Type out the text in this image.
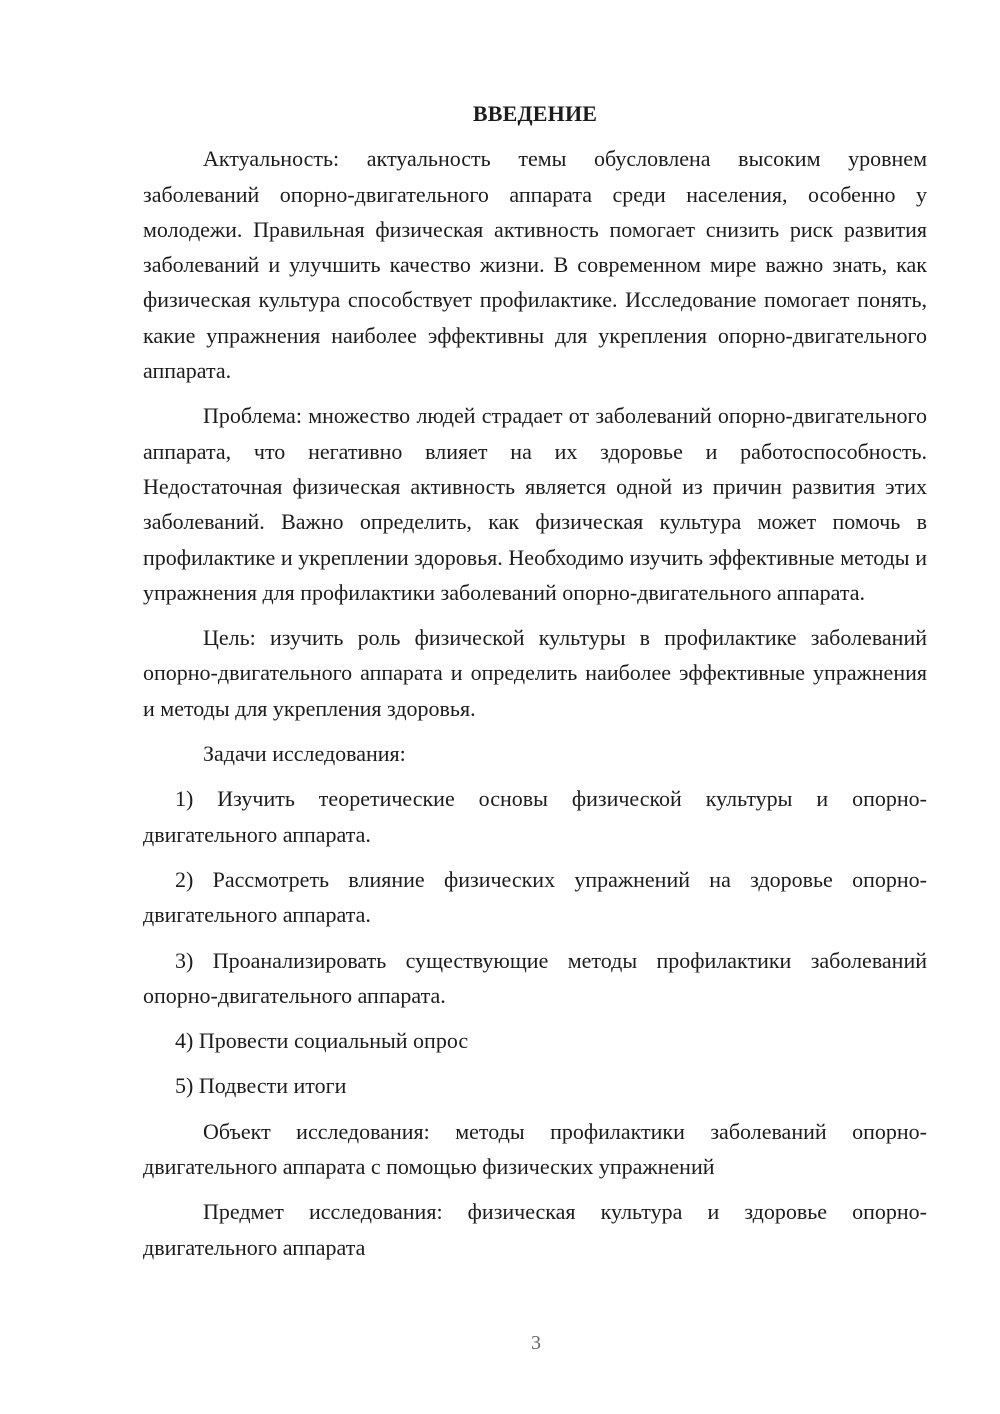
ВВЕДЕНИЕ

Актуальность: актуальность темы обусловлена высоким уровнем заболеваний опорно-двигательного аппарата среди населения, особенно у молодежи. Правильная физическая активность помогает снизить риск развития заболеваний и улучшить качество жизни. В современном мире важно знать, как физическая культура способствует профилактике. Исследование помогает понять, какие упражнения наиболее эффективны для укрепления опорно-двигательного аппарата.

Проблема: множество людей страдает от заболеваний опорно-двигательного аппарата, что негативно влияет на их здоровье и работоспособность. Недостаточная физическая активность является одной из причин развития этих заболеваний. Важно определить, как физическая культура может помочь в профилактике и укреплении здоровья. Необходимо изучить эффективные методы и упражнения для профилактики заболеваний опорно-двигательного аппарата.

Цель: изучить роль физической культуры в профилактике заболеваний опорно-двигательного аппарата и определить наиболее эффективные упражнения и методы для укрепления здоровья.

Задачи исследования:

1) Изучить теоретические основы физической культуры и опорно-двигательного аппарата.

2) Рассмотреть влияние физических упражнений на здоровье опорно-двигательного аппарата.

3) Проанализировать существующие методы профилактики заболеваний опорно-двигательного аппарата.

4) Провести социальный опрос

5) Подвести итоги

Объект исследования: методы профилактики заболеваний опорно-двигательного аппарата с помощью физических упражнений

Предмет исследования: физическая культура и здоровье опорно-двигательного аппарата

3
